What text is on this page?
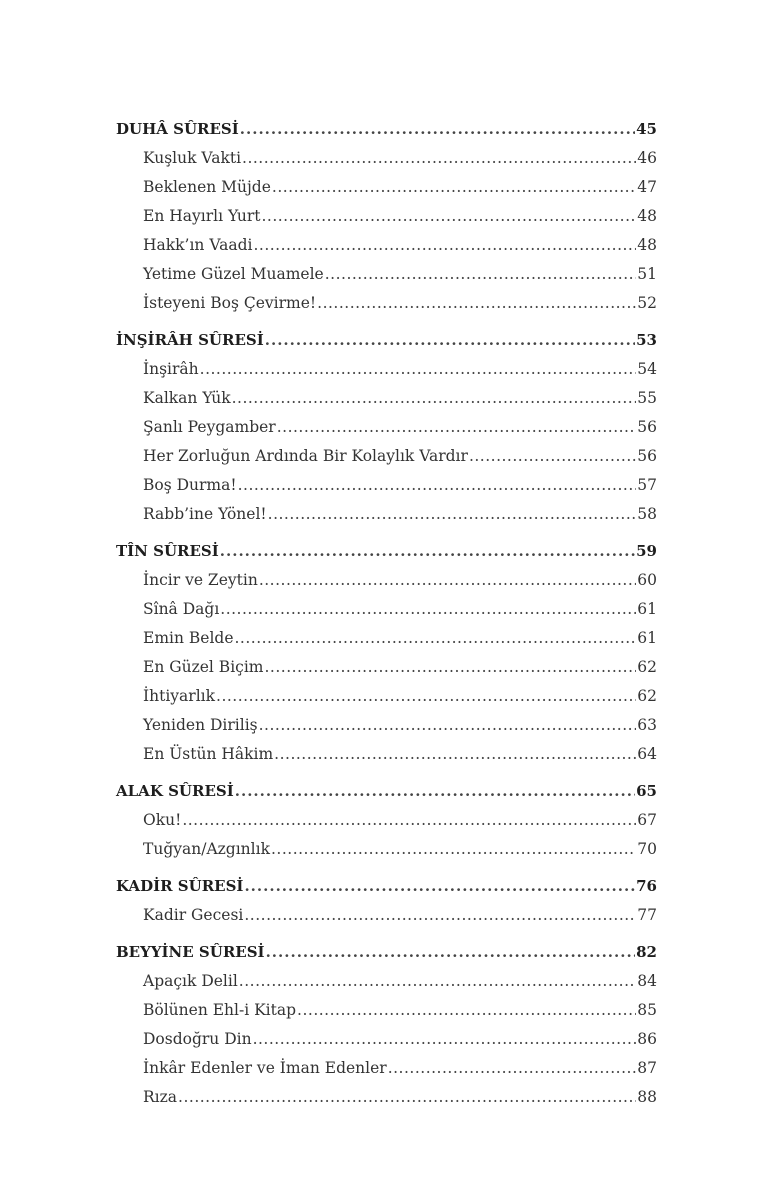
DUHÂ SÛRESİ .....	45
Kuşluk Vakti .....	46
Beklenen Müjde .....	47
En Hayırlı Yurt .....	48
Hakk’ın Vaadi .....	48
Yetime Güzel Muamele .....	51
İsteyeni Boş Çevirme! .....	52
İNŞİRÂH SÛRESİ .....	53
İnşirâh .....	54
Kalkan Yük .....	55
Şanlı Peygamber .....	56
Her Zorluğun Ardında Bir Kolaylık Vardır .....	56
Boş Durma! .....	57
Rabb’ine Yönel! .....	58
TÎN SÛRESİ .....	59
İncir ve Zeytin .....	60
Sînâ Dağı .....	61
Emin Belde .....	61
En Güzel Biçim .....	62
İhtiyarlık .....	62
Yeniden Diriliş .....	63
En Üstün Hâkim .....	64
ALAK SÛRESİ .....	65
Oku! .....	67
Tuğyan/Azgınlık .....	70
KADİR SÛRESİ .....	76
Kadir Gecesi .....	77
BEYYİNE SÛRESİ .....	82
Apaçık Delil .....	84
Bölünen Ehl-i Kitap .....	85
Dosdoğru Din .....	86
İnkâr Edenler ve İman Edenler .....	87
Rıza .....	88
